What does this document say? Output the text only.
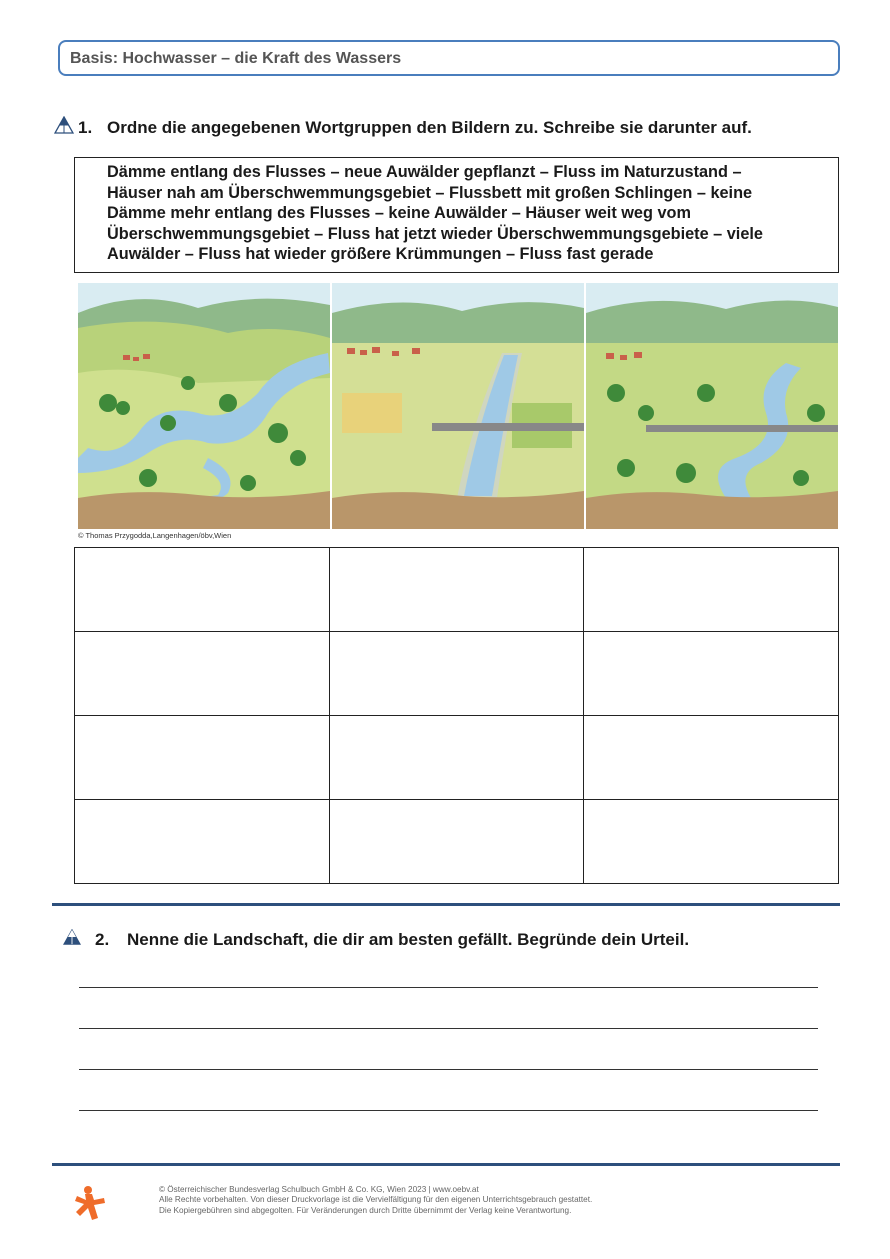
Basis: Hochwasser – die Kraft des Wassers
1. Ordne die angegebenen Wortgruppen den Bildern zu. Schreibe sie darunter auf.
Dämme entlang des Flusses – neue Auwälder gepflanzt – Fluss im Naturzustand –
Häuser nah am Überschwemmungsgebiet – Flussbett mit großen Schlingen – keine
Dämme mehr entlang des Flusses – keine Auwälder – Häuser weit weg vom
Überschwemmungsgebiet – Fluss hat jetzt wieder Überschwemmungsgebiete – viele
Auwälder – Fluss hat wieder größere Krümmungen – Fluss fast gerade
© Thomas Przygodda,Langenhagen/öbv,Wien

2. Nenne die Landschaft, die dir am besten gefällt. Begründe dein Urteil.
© Österreichischer Bundesverlag Schulbuch GmbH & Co. KG, Wien 2023 | www.oebv.at
Alle Rechte vorbehalten. Von dieser Druckvorlage ist die Vervielfältigung für den eigenen Unterrichtsgebrauch gestattet.
Die Kopiergebühren sind abgegolten. Für Veränderungen durch Dritte übernimmt der Verlag keine Verantwortung.
